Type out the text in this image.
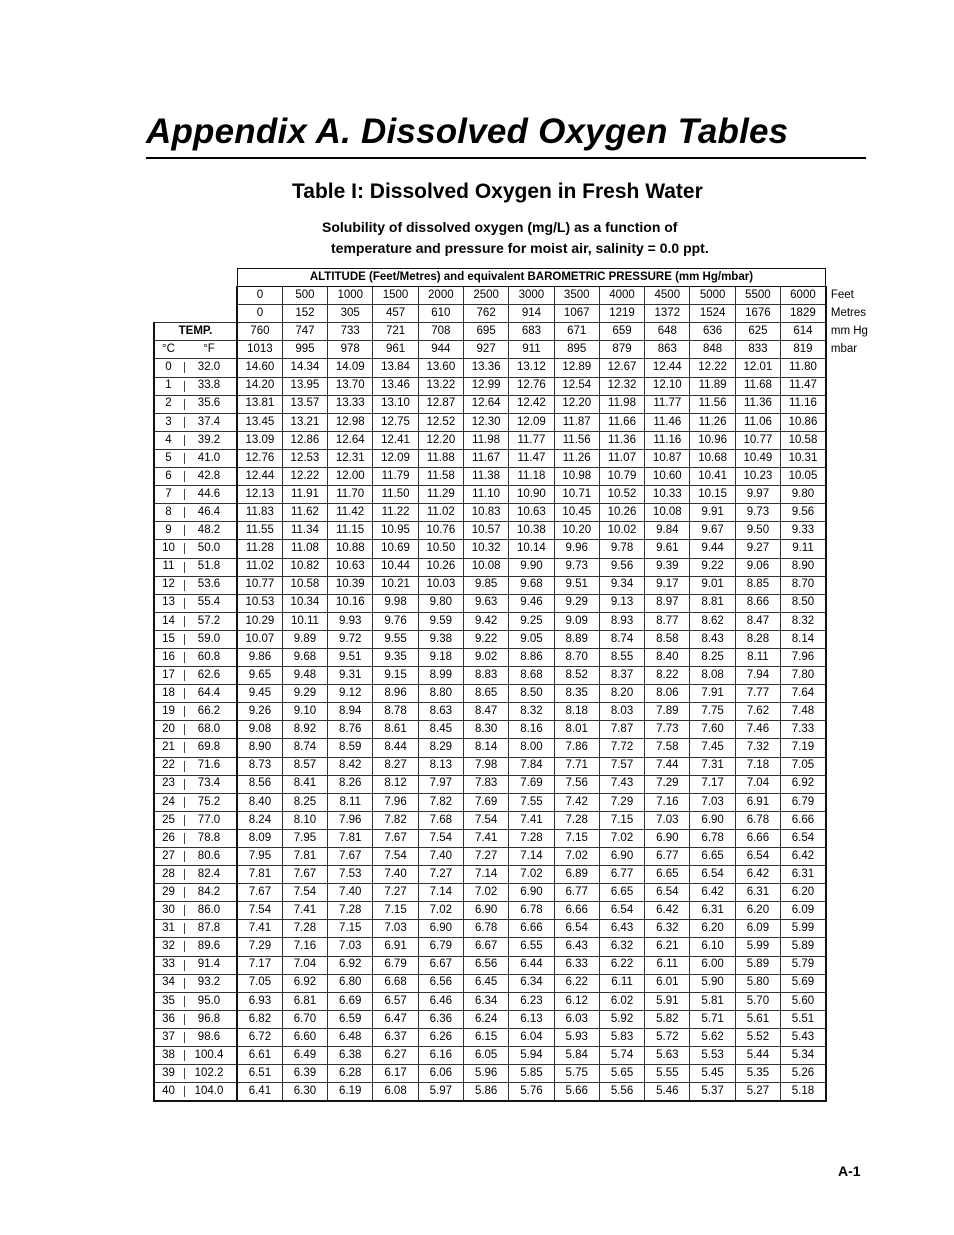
Appendix A. Dissolved Oxygen Tables
Table I: Dissolved Oxygen in Fresh Water

Solubility of dissolved oxygen (mg/L) as a function of

temperature and pressure for moist air, salinity = 0.0 ppt.

		ALTITUDE (Feet/Metres) and equivalent BAROMETRIC PRESSURE (mm Hg/mbar)													
		0	500	1000	1500	2000	2500	3000	3500	4000	4500	5000	5500	6000	Feet
		0	152	305	457	610	762	914	1067	1219	1372	1524	1676	1829	Metres
TEMP.		760	747	733	721	708	695	683	671	659	648	636	625	614	mm Hg
°C	°F	1013	995	978	961	944	927	911	895	879	863	848	833	819	mbar
0	32.0	14.60	14.34	14.09	13.84	13.60	13.36	13.12	12.89	12.67	12.44	12.22	12.01	11.80	
1	33.8	14.20	13.95	13.70	13.46	13.22	12.99	12.76	12.54	12.32	12.10	11.89	11.68	11.47	
2	35.6	13.81	13.57	13.33	13.10	12.87	12.64	12.42	12.20	11.98	11.77	11.56	11.36	11.16	
3	37.4	13.45	13.21	12.98	12.75	12.52	12.30	12.09	11.87	11.66	11.46	11.26	11.06	10.86	
4	39.2	13.09	12.86	12.64	12.41	12.20	11.98	11.77	11.56	11.36	11.16	10.96	10.77	10.58	
5	41.0	12.76	12.53	12.31	12.09	11.88	11.67	11.47	11.26	11.07	10.87	10.68	10.49	10.31	
6	42.8	12.44	12.22	12.00	11.79	11.58	11.38	11.18	10.98	10.79	10.60	10.41	10.23	10.05	
7	44.6	12.13	11.91	11.70	11.50	11.29	11.10	10.90	10.71	10.52	10.33	10.15	9.97	9.80	
8	46.4	11.83	11.62	11.42	11.22	11.02	10.83	10.63	10.45	10.26	10.08	9.91	9.73	9.56	
9	48.2	11.55	11.34	11.15	10.95	10.76	10.57	10.38	10.20	10.02	9.84	9.67	9.50	9.33	
10	50.0	11.28	11.08	10.88	10.69	10.50	10.32	10.14	9.96	9.78	9.61	9.44	9.27	9.11	
11	51.8	11.02	10.82	10.63	10.44	10.26	10.08	9.90	9.73	9.56	9.39	9.22	9.06	8.90	
12	53.6	10.77	10.58	10.39	10.21	10.03	9.85	9.68	9.51	9.34	9.17	9.01	8.85	8.70	
13	55.4	10.53	10.34	10.16	9.98	9.80	9.63	9.46	9.29	9.13	8.97	8.81	8.66	8.50	
14	57.2	10.29	10.11	9.93	9.76	9.59	9.42	9.25	9.09	8.93	8.77	8.62	8.47	8.32	
15	59.0	10.07	9.89	9.72	9.55	9.38	9.22	9.05	8.89	8.74	8.58	8.43	8.28	8.14	
16	60.8	9.86	9.68	9.51	9.35	9.18	9.02	8.86	8.70	8.55	8.40	8.25	8.11	7.96	
17	62.6	9.65	9.48	9.31	9.15	8.99	8.83	8.68	8.52	8.37	8.22	8.08	7.94	7.80	
18	64.4	9.45	9.29	9.12	8.96	8.80	8.65	8.50	8.35	8.20	8.06	7.91	7.77	7.64	
19	66.2	9.26	9.10	8.94	8.78	8.63	8.47	8.32	8.18	8.03	7.89	7.75	7.62	7.48	
20	68.0	9.08	8.92	8.76	8.61	8.45	8.30	8.16	8.01	7.87	7.73	7.60	7.46	7.33	
21	69.8	8.90	8.74	8.59	8.44	8.29	8.14	8.00	7.86	7.72	7.58	7.45	7.32	7.19	
22	71.6	8.73	8.57	8.42	8.27	8.13	7.98	7.84	7.71	7.57	7.44	7.31	7.18	7.05	
23	73.4	8.56	8.41	8.26	8.12	7.97	7.83	7.69	7.56	7.43	7.29	7.17	7.04	6.92	
24	75.2	8.40	8.25	8.11	7.96	7.82	7.69	7.55	7.42	7.29	7.16	7.03	6.91	6.79	
25	77.0	8.24	8.10	7.96	7.82	7.68	7.54	7.41	7.28	7.15	7.03	6.90	6.78	6.66	
26	78.8	8.09	7.95	7.81	7.67	7.54	7.41	7.28	7.15	7.02	6.90	6.78	6.66	6.54	
27	80.6	7.95	7.81	7.67	7.54	7.40	7.27	7.14	7.02	6.90	6.77	6.65	6.54	6.42	
28	82.4	7.81	7.67	7.53	7.40	7.27	7.14	7.02	6.89	6.77	6.65	6.54	6.42	6.31	
29	84.2	7.67	7.54	7.40	7.27	7.14	7.02	6.90	6.77	6.65	6.54	6.42	6.31	6.20	
30	86.0	7.54	7.41	7.28	7.15	7.02	6.90	6.78	6.66	6.54	6.42	6.31	6.20	6.09	
31	87.8	7.41	7.28	7.15	7.03	6.90	6.78	6.66	6.54	6.43	6.32	6.20	6.09	5.99	
32	89.6	7.29	7.16	7.03	6.91	6.79	6.67	6.55	6.43	6.32	6.21	6.10	5.99	5.89	
33	91.4	7.17	7.04	6.92	6.79	6.67	6.56	6.44	6.33	6.22	6.11	6.00	5.89	5.79	
34	93.2	7.05	6.92	6.80	6.68	6.56	6.45	6.34	6.22	6.11	6.01	5.90	5.80	5.69	
35	95.0	6.93	6.81	6.69	6.57	6.46	6.34	6.23	6.12	6.02	5.91	5.81	5.70	5.60	
36	96.8	6.82	6.70	6.59	6.47	6.36	6.24	6.13	6.03	5.92	5.82	5.71	5.61	5.51	
37	98.6	6.72	6.60	6.48	6.37	6.26	6.15	6.04	5.93	5.83	5.72	5.62	5.52	5.43	
38	100.4	6.61	6.49	6.38	6.27	6.16	6.05	5.94	5.84	5.74	5.63	5.53	5.44	5.34	
39	102.2	6.51	6.39	6.28	6.17	6.06	5.96	5.85	5.75	5.65	5.55	5.45	5.35	5.26	
40	104.0	6.41	6.30	6.19	6.08	5.97	5.86	5.76	5.66	5.56	5.46	5.37	5.27	5.18	

A-1
